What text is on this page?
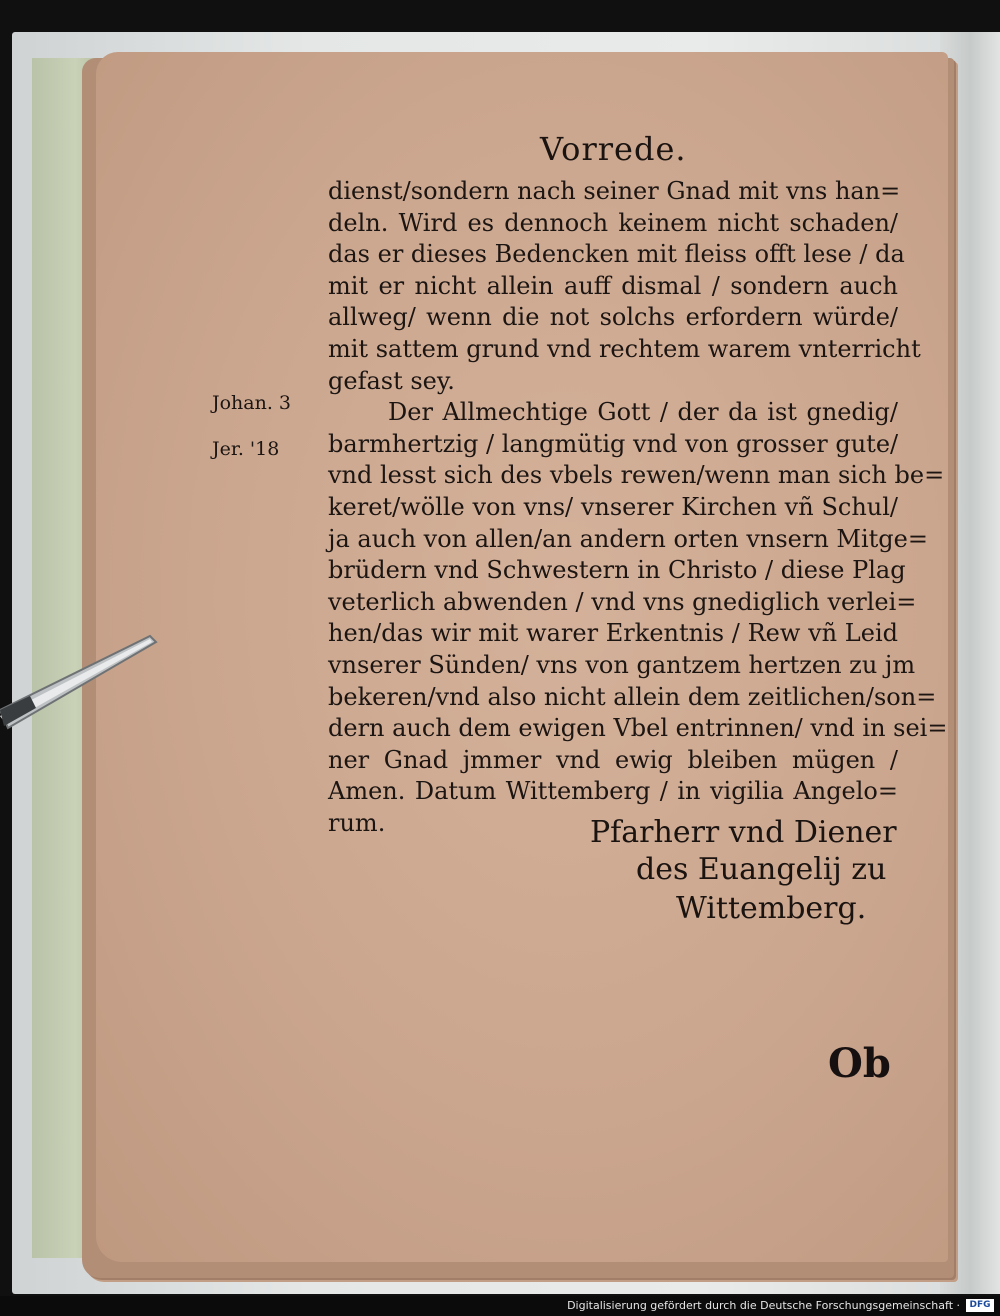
Vorrede.
Johan. 3
Jer. '18
dienst/sondern nach seiner Gnad mit vns han=
deln. Wird es dennoch keinem nicht schaden/
das er dieses Bedencken mit fleiss offt lese / da
mit er nicht allein auff dismal / sondern auch
allweg/ wenn die not solchs erfordern würde/
mit sattem grund vnd rechtem warem vnterricht
gefast sey.
Der Allmechtige Gott / der da ist gnedig/
barmhertzig / langmütig vnd von grosser gute/
vnd lesst sich des vbels rewen/wenn man sich be=
keret/wölle von vns/ vnserer Kirchen vñ Schul/
ja auch von allen/an andern orten vnsern Mitge=
brüdern vnd Schwestern in Christo / diese Plag
veterlich abwenden / vnd vns gnediglich verlei=
hen/das wir mit warer Erkentnis / Rew vñ Leid
vnserer Sünden/ vns von gantzem hertzen zu jm
bekeren/vnd also nicht allein dem zeitlichen/son=
dern auch dem ewigen Vbel entrinnen/ vnd in sei=
ner Gnad jmmer vnd ewig bleiben mügen /
Amen. Datum Wittemberg / in vigilia Angelo=
rum.	Pfarherr vnd Diener
des Euangelij zu
Wittemberg.
Ob
Digitalisierung gefördert durch die Deutsche Forschungsgemeinschaft ·	DFG
